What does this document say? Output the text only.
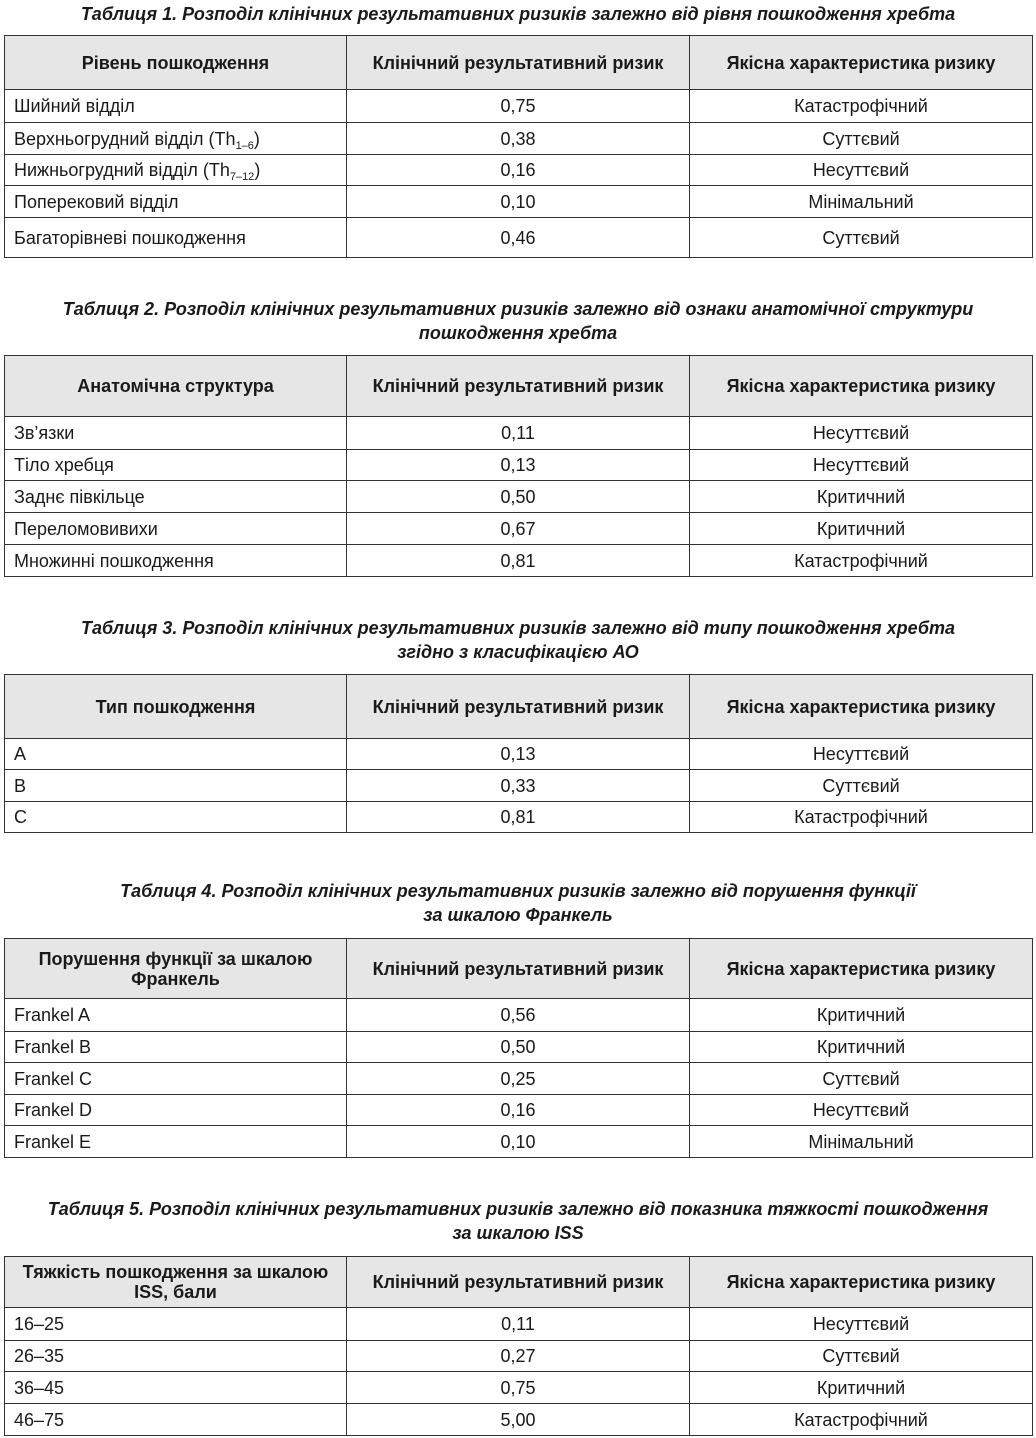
Таблиця 1. Розподіл клінічних результативних ризиків залежно від рівня пошкодження хребта
Рівень пошкодження	Клінічний результативний ризик	Якісна характеристика ризику
Шийний відділ	0,75	Катастрофічний
Верхньогрудний відділ $(Th_{1-6})$	0,38	Суттєвий
Нижньогрудний відділ $(Th_{7-12})$	0,16	Несуттєвий
Поперековий відділ	0,10	Мінімальний
Багаторівневі пошкодження	0,46	Суттєвий
Таблиця 2. Розподіл клінічних результативних ризиків залежно від ознаки анатомічної структури
пошкодження хребта
Анатомічна структура	Клінічний результативний ризик	Якісна характеристика ризику
Зв’язки	0,11	Несуттєвий
Тіло хребця	0,13	Несуттєвий
Заднє півкільце	0,50	Критичний
Переломовивихи	0,67	Критичний
Множинні пошкодження	0,81	Катастрофічний
Таблиця 3. Розподіл клінічних результативних ризиків залежно від типу пошкодження хребта
згідно з класифікацією АО
Тип пошкодження	Клінічний результативний ризик	Якісна характеристика ризику
A	0,13	Несуттєвий
B	0,33	Суттєвий
C	0,81	Катастрофічний
Таблиця 4. Розподіл клінічних результативних ризиків залежно від порушення функції
за шкалою Франкель
Порушення функції за шкалою Франкель	Клінічний результативний ризик	Якісна характеристика ризику
Frankel A	0,56	Критичний
Frankel B	0,50	Критичний
Frankel C	0,25	Суттєвий
Frankel D	0,16	Несуттєвий
Frankel E	0,10	Мінімальний
Таблиця 5. Розподіл клінічних результативних ризиків залежно від показника тяжкості пошкодження
за шкалою ISS
Тяжкість пошкодження за шкалою ISS, бали	Клінічний результативний ризик	Якісна характеристика ризику
16–25	0,11	Несуттєвий
26–35	0,27	Суттєвий
36–45	0,75	Критичний
46–75	5,00	Катастрофічний
